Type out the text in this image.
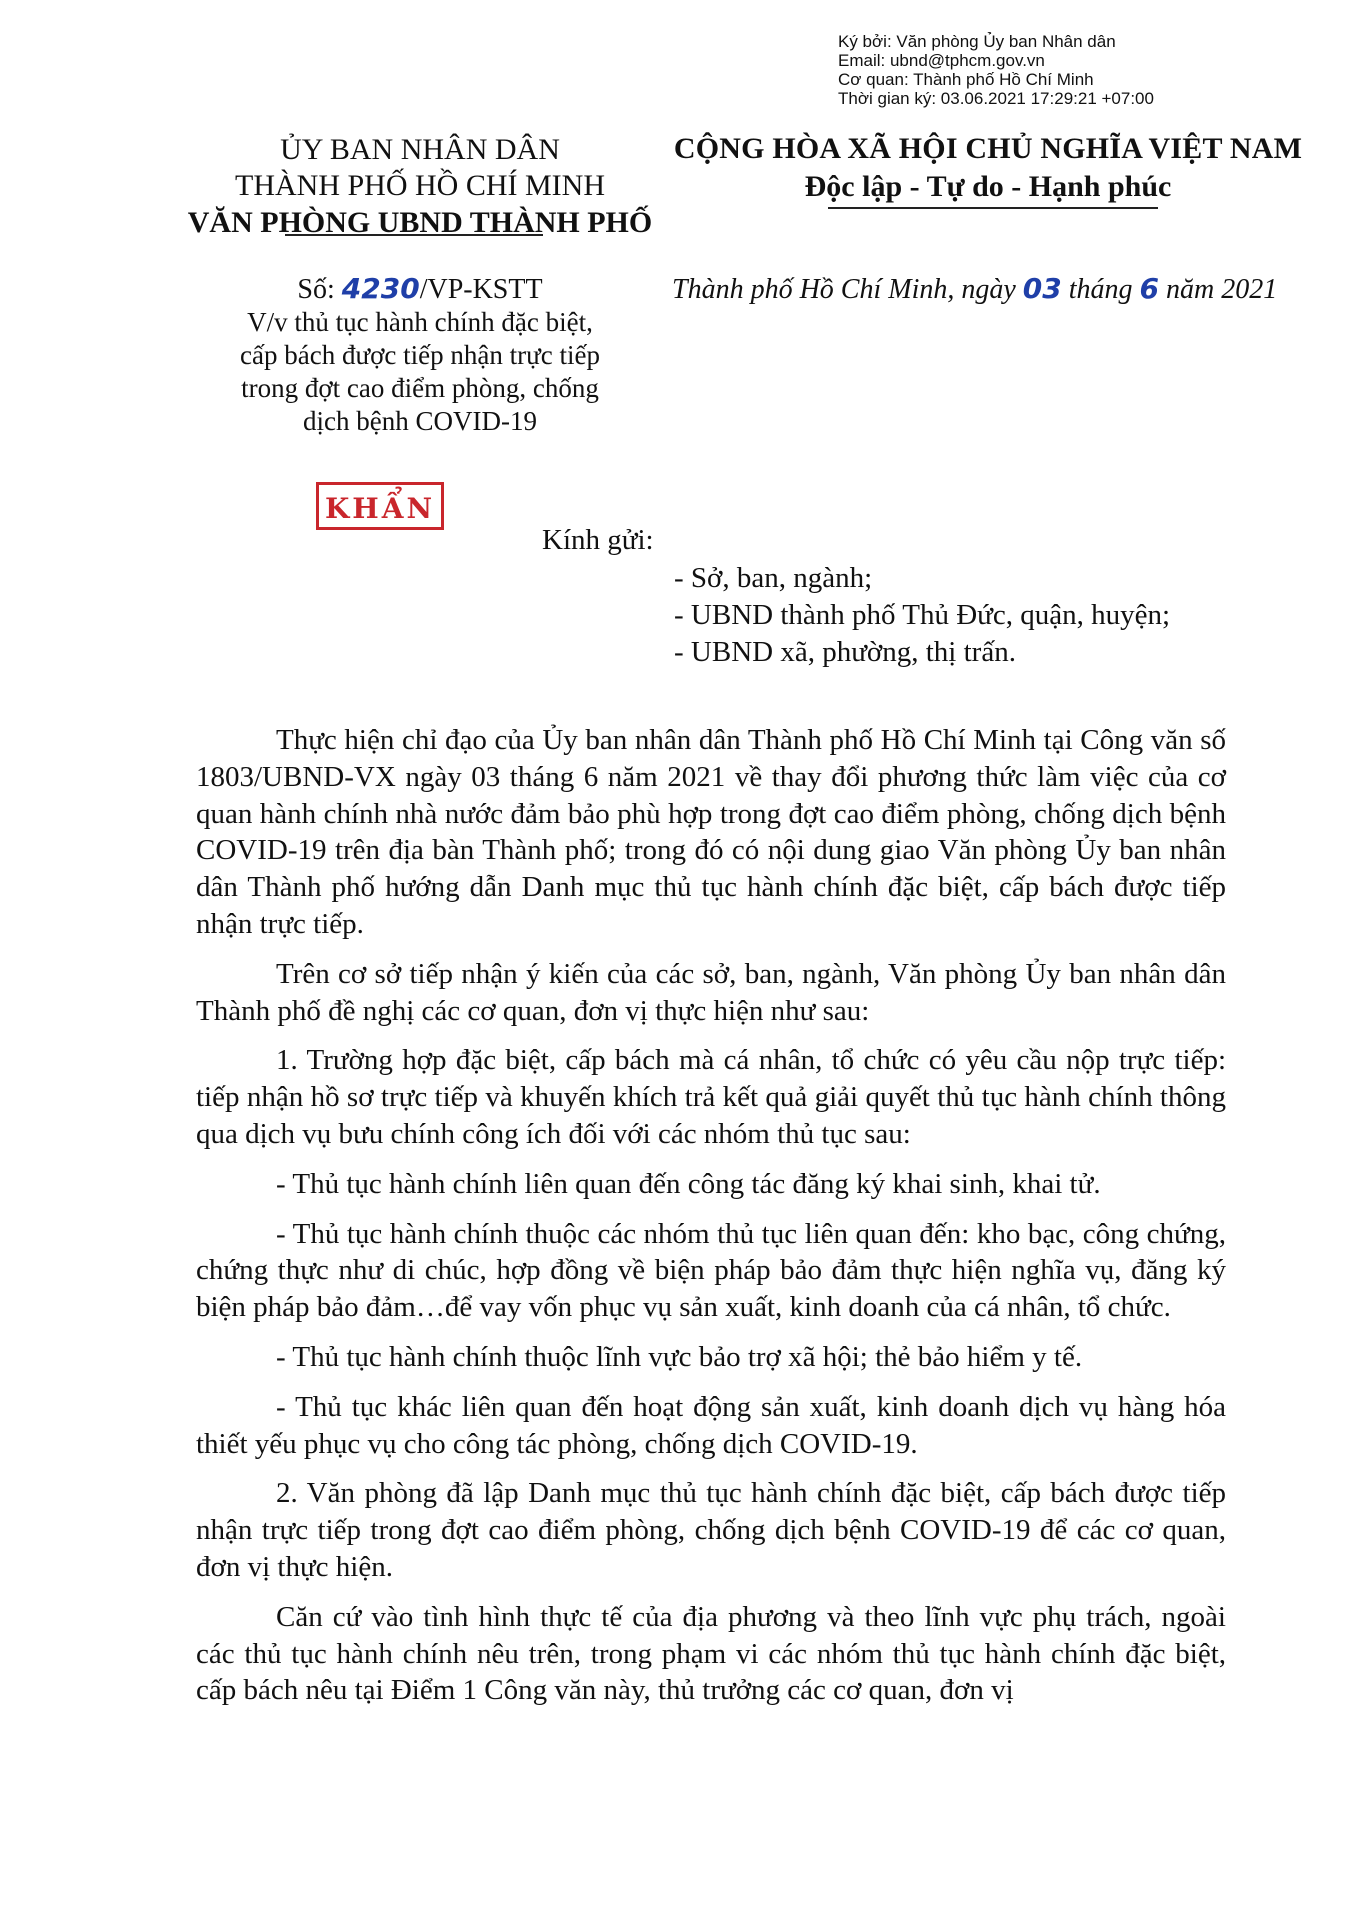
Ký bởi: Văn phòng Ủy ban Nhân dân
Email: ubnd@tphcm.gov.vn
Cơ quan: Thành phố Hồ Chí Minh
Thời gian ký: 03.06.2021 17:29:21 +07:00
ỦY BAN NHÂN DÂN
THÀNH PHỐ HỒ CHÍ MINH
VĂN PHÒNG UBND THÀNH PHỐ
CỘNG HÒA XÃ HỘI CHỦ NGHĨA VIỆT NAM
Độc lập - Tự do - Hạnh phúc
Số: 4230/VP-KSTT
V/v thủ tục hành chính đặc biệt,
cấp bách được tiếp nhận trực tiếp
trong đợt cao điểm phòng, chống
dịch bệnh COVID-19
Thành phố Hồ Chí Minh, ngày 03 tháng 6 năm 2021
KHẨN
Kính gửi:
- Sở, ban, ngành;
- UBND thành phố Thủ Đức, quận, huyện;
- UBND xã, phường, thị trấn.

Thực hiện chỉ đạo của Ủy ban nhân dân Thành phố Hồ Chí Minh tại Công văn số 1803/UBND-VX ngày 03 tháng 6 năm 2021 về thay đổi phương thức làm việc của cơ quan hành chính nhà nước đảm bảo phù hợp trong đợt cao điểm phòng, chống dịch bệnh COVID-19 trên địa bàn Thành phố; trong đó có nội dung giao Văn phòng Ủy ban nhân dân Thành phố hướng dẫn Danh mục thủ tục hành chính đặc biệt, cấp bách được tiếp nhận trực tiếp.

Trên cơ sở tiếp nhận ý kiến của các sở, ban, ngành, Văn phòng Ủy ban nhân dân Thành phố đề nghị các cơ quan, đơn vị thực hiện như sau:

1. Trường hợp đặc biệt, cấp bách mà cá nhân, tổ chức có yêu cầu nộp trực tiếp: tiếp nhận hồ sơ trực tiếp và khuyến khích trả kết quả giải quyết thủ tục hành chính thông qua dịch vụ bưu chính công ích đối với các nhóm thủ tục sau:

- Thủ tục hành chính liên quan đến công tác đăng ký khai sinh, khai tử.

- Thủ tục hành chính thuộc các nhóm thủ tục liên quan đến: kho bạc, công chứng, chứng thực như di chúc, hợp đồng về biện pháp bảo đảm thực hiện nghĩa vụ, đăng ký biện pháp bảo đảm…để vay vốn phục vụ sản xuất, kinh doanh của cá nhân, tổ chức.

- Thủ tục hành chính thuộc lĩnh vực bảo trợ xã hội; thẻ bảo hiểm y tế.

- Thủ tục khác liên quan đến hoạt động sản xuất, kinh doanh dịch vụ hàng hóa thiết yếu phục vụ cho công tác phòng, chống dịch COVID-19.

2. Văn phòng đã lập Danh mục thủ tục hành chính đặc biệt, cấp bách được tiếp nhận trực tiếp trong đợt cao điểm phòng, chống dịch bệnh COVID-19 để các cơ quan, đơn vị thực hiện.

Căn cứ vào tình hình thực tế của địa phương và theo lĩnh vực phụ trách, ngoài các thủ tục hành chính nêu trên, trong phạm vi các nhóm thủ tục hành chính đặc biệt, cấp bách nêu tại Điểm 1 Công văn này, thủ trưởng các cơ quan, đơn vị
